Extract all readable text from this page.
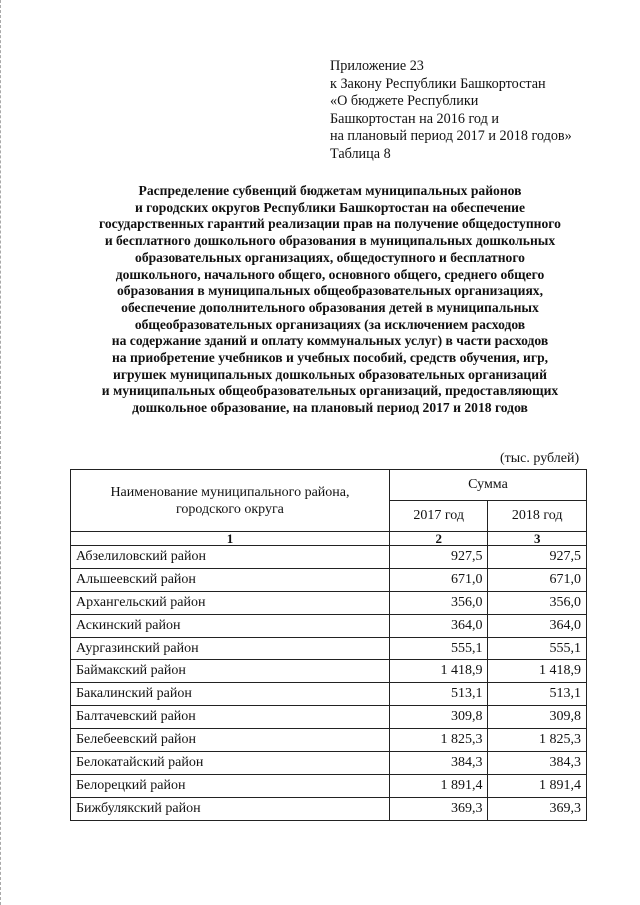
Приложение 23
к Закону Республики Башкортостан
«О бюджете Республики
Башкортостан на 2016 год и
на плановый период 2017 и 2018 годов»
Таблица 8
Распределение субвенций бюджетам муниципальных районов
и городских округов Республики Башкортостан на обеспечение
государственных гарантий реализации прав на получение общедоступного
и бесплатного дошкольного образования в муниципальных дошкольных
образовательных организациях, общедоступного и бесплатного
дошкольного, начального общего, основного общего, среднего общего
образования в муниципальных общеобразовательных организациях,
обеспечение дополнительного образования детей в муниципальных
общеобразовательных организациях (за исключением расходов
на содержание зданий и оплату коммунальных услуг) в части расходов
на приобретение учебников и учебных пособий, средств обучения, игр,
игрушек муниципальных дошкольных образовательных организаций
и муниципальных общеобразовательных организаций, предоставляющих
дошкольное образование, на плановый период 2017 и 2018 годов
(тыс. рублей)
Наименование муниципального района,
городского округа	Сумма	
	2017 год	2018 год
1	2	3
Абзелиловский район	927,5	927,5
Альшеевский район	671,0	671,0
Архангельский район	356,0	356,0
Аскинский район	364,0	364,0
Аургазинский район	555,1	555,1
Баймакский район	1 418,9	1 418,9
Бакалинский район	513,1	513,1
Балтачевский район	309,8	309,8
Белебеевский район	1 825,3	1 825,3
Белокатайский район	384,3	384,3
Белорецкий район	1 891,4	1 891,4
Бижбулякский район	369,3	369,3
